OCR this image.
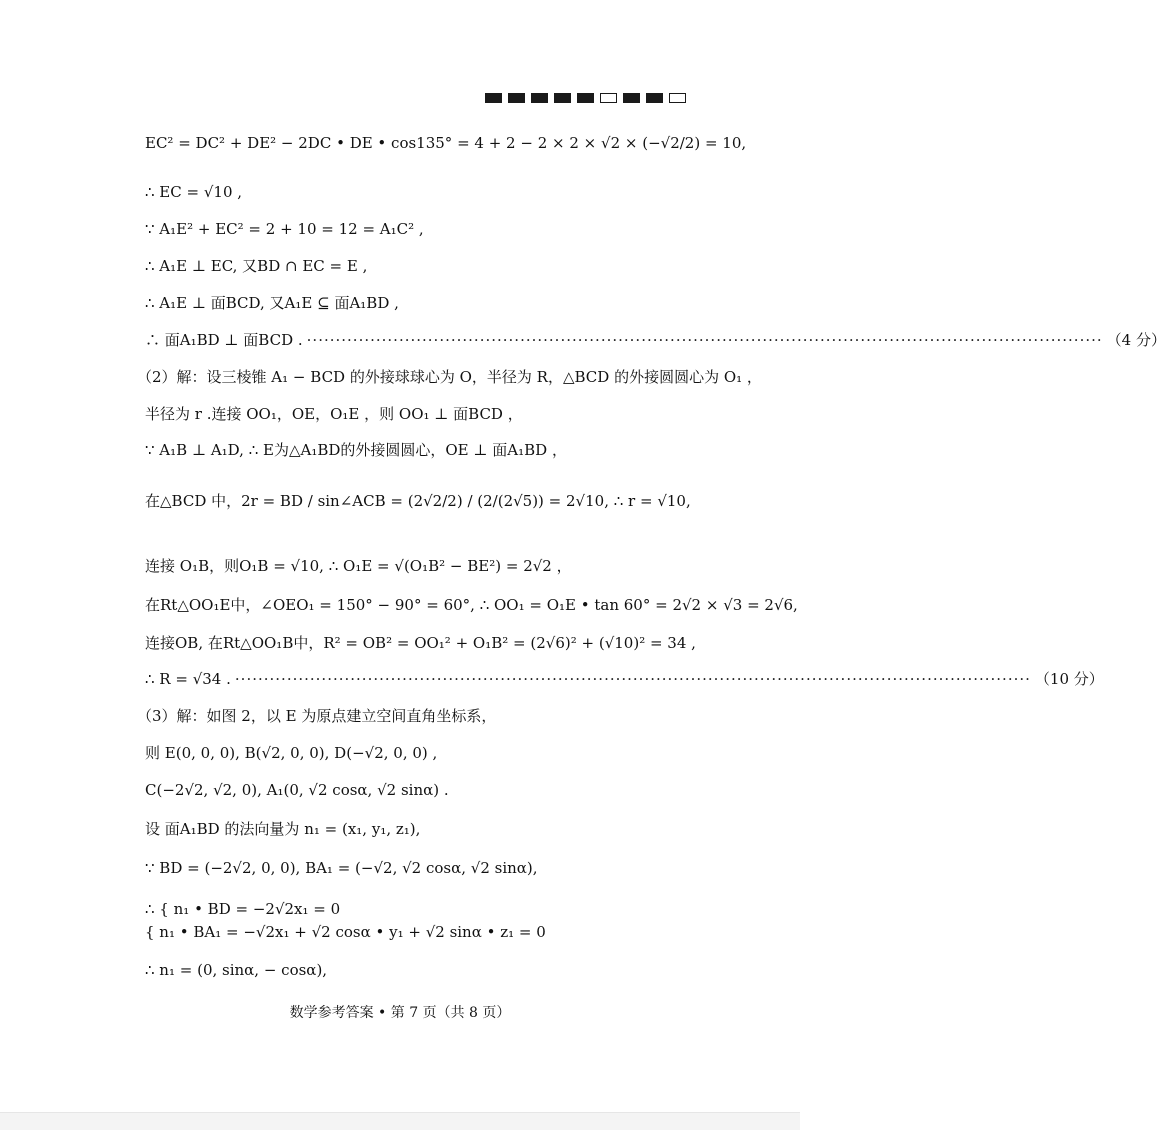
EC² = DC² + DE² − 2DC • DE • cos135° = 4 + 2 − 2 × 2 × √2 × (−√2/2) = 10,
∴ EC = √10 ,
∵ A₁E² + EC² = 2 + 10 = 12 = A₁C² ,
∴ A₁E ⊥ EC, 又BD ∩ EC = E ,
∴ A₁E ⊥ 面BCD, 又A₁E ⊆ 面A₁BD ,
∴ 面A₁BD ⊥ 面BCD . ·········································································································································· （4 分）
（2）解：设三棱锥 A₁ − BCD 的外接球球心为 O，半径为 R，△BCD 的外接圆圆心为 O₁ ，
半径为 r .连接 OO₁，OE，O₁E ，则 OO₁ ⊥ 面BCD ，
∵ A₁B ⊥ A₁D, ∴ E为△A₁BD的外接圆圆心，OE ⊥ 面A₁BD ，
在△BCD 中，2r = BD / sin∠ACB = (2√2/2) / (2/(2√5)) = 2√10, ∴ r = √10,
连接 O₁B，则O₁B = √10, ∴ O₁E = √(O₁B² − BE²) = 2√2 ，
在Rt△OO₁E中，∠OEO₁ = 150° − 90° = 60°, ∴ OO₁ = O₁E • tan 60° = 2√2 × √3 = 2√6,
连接OB, 在Rt△OO₁B中，R² = OB² = OO₁² + O₁B² = (2√6)² + (√10)² = 34 ,
∴ R = √34 . ·········································································································································· （10 分）
（3）解：如图 2，以 E 为原点建立空间直角坐标系，
则 E(0, 0, 0), B(√2, 0, 0), D(−√2, 0, 0) ,
C(−2√2, √2, 0), A₁(0, √2 cosα, √2 sinα) .
设 面A₁BD 的法向量为 n₁ = (x₁, y₁, z₁),
∵ BD = (−2√2, 0, 0), BA₁ = (−√2, √2 cosα, √2 sinα),
∴ { n₁ • BD = −2√2x₁ = 0
{ n₁ • BA₁ = −√2x₁ + √2 cosα • y₁ + √2 sinα • z₁ = 0
∴ n₁ = (0, sinα, − cosα),
数学参考答案 • 第 7 页（共 8 页）
